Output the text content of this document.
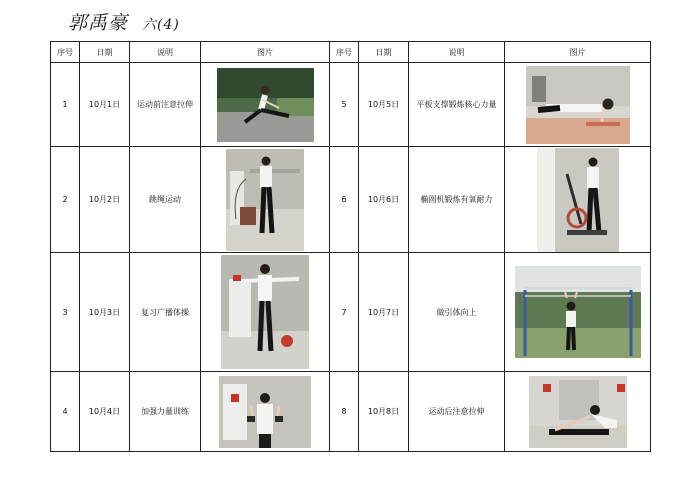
郭禹豪 六(4)
序号	日期	说明	图片	序号	日期	说明	图片
1	10月1日	运动前注意拉伸		5	10月5日	平板支撑锻炼核心力量	

2	10月2日	跳绳运动		6	10月6日	椭圆机锻炼有氧耐力	

3	10月3日	复习广播体操		7	10月7日	做引体向上	

4	10月4日	加强力量训练		8	10月8日	运动后注意拉伸	
